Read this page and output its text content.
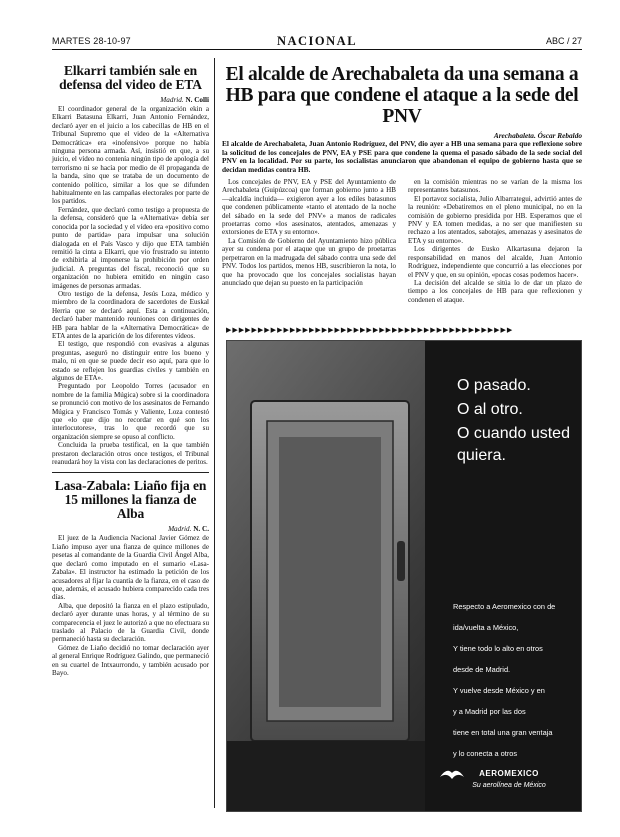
MARTES 28-10-97	NACIONAL	ABC / 27
Elkarri también sale en defensa del video de ETA
Madrid. N. Colli

El coordinador general de la organización ekin a Elkarri Batasuna Elkarri, Juan Antonio Fernández, declaró ayer en el juicio a los cabecillas de HB en el Tribunal Supremo que el video de la «Alternativa Democrática» era «inofensivo» porque no había ninguna persona armada. Así, insistió en que, a su juicio, el vídeo no contenía ningún tipo de apología del terrorismo ni se hacía por medio de él propaganda de la banda, sino que se trataba de un documento de contenido político, similar a los que se difunden habitualmente en las campañas electorales por parte de los partidos.

Fernández, que declaró como testigo a propuesta de la defensa, consideró que la «Alternativa» debía ser conocida por la sociedad y el vídeo era «positivo como punto de partida» para impulsar una solución dialogada en el País Vasco y dijo que ETA también remitió la cinta a Elkarri, que vio frustrado su intento de exhibirla al imponerse la prohibición por orden judicial. A preguntas del fiscal, reconoció que su organización no hubiera emitido en ningún caso imágenes de personas armadas.

Otro testigo de la defensa, Jesús Loza, médico y miembro de la coordinadora de sacerdotes de Euskal Herria que se declaró aquí. Esta a continuación, declaró haber mantenido reuniones con dirigentes de HB para hablar de la «Alternativa Democrática» de ETA antes de la aparición de los diferentes vídeos.

El testigo, que respondió con evasivas a algunas preguntas, aseguró no distinguir entre los bueno y malo, ni en que se puede decir eso aquí, para que lo estado se reflejen los guardias civiles y también en algunos de ETA».

Preguntado por Leopoldo Torres (acusador en nombre de la familia Múgica) sobre si la coordinadora se pronunció con motivo de los asesinatos de Fernando Múgica y Francisco Tomás y Valiente, Loza contestó que «lo que dijo no recordar en qué son los interlocutores», tras lo que recordó que su organización siempre se opuso al conflicto.

Concluida la prueba testifical, en la que también prestaron declaración otros once testigos, el Tribunal reanudará hoy la vista con las declaraciones de peritos.

Lasa-Zabala: Liaño fija en 15 millones la fianza de Alba
Madrid. N. C.

El juez de la Audiencia Nacional Javier Gómez de Liaño impuso ayer una fianza de quince millones de pesetas al comandante de la Guardia Civil Ángel Alba, que declaró como imputado en el sumario «Lasa-Zabala». El instructor ha estimado la petición de los acusadores al fijar la cuantía de la fianza, en el caso de que, además, el acusado hubiera comparecido cada tres días.

Alba, que depositó la fianza en el plazo estipulado, declaró ayer durante unas horas, y al término de su comparecencia el juez le autorizó a que no efectuara su traslado al Palacio de la Guardia Civil, donde permaneció hasta su declaración.

Gómez de Liaño decidió no tomar declaración ayer al general Enrique Rodríguez Galindo, que permaneció en su cuartel de Intxaurrondo, y también acusado por Bayo.

El alcalde de Arechabaleta da una semana a HB para que condene el ataque a la sede del PNV
Arechabaleta. Óscar Rebaldo
El alcalde de Arechabaleta, Juan Antonio Rodríguez, del PNV, dio ayer a HB una semana para que reflexione sobre la solicitud de los concejales de PNV, EA y PSE para que condene la quema el pasado sábado de la sede social del PNV en la localidad. Por su parte, los socialistas anunciaron que abandonan el equipo de gobierno hasta que se decidan medidas contra HB.

Los concejales de PNV, EA y PSE del Ayuntamiento de Arechabaleta (Guipúzcoa) que forman gobierno junto a HB —alcaldía incluida— exigieron ayer a los ediles batasunos que condenen públicamente «tanto el atentado de la noche del sábado en la sede del PNV» a manos de radicales proetarras como «los asesinatos, atentados, amenazas y extorsiones de ETA y su entorno».

La Comisión de Gobierno del Ayuntamiento hizo pública ayer su condena por el ataque que un grupo de proetarras perpetraron en la madrugada del sábado contra una sede del PNV. Todos los partidos, menos HB, suscribieron la nota, lo que ha provocado que los concejales socialistas hayan anunciado que dejan su puesto en la participación

en la comisión mientras no se varían de la misma los representantes batasunos.

El portavoz socialista, Julio Albarrategui, advirtió antes de la reunión: «Debatiremos en el pleno municipal, no en la comisión de gobierno presidida por HB. Esperamos que el PNV y EA tomen medidas, a no ser que manifiesten su rechazo a los atentados, sabotajes, amenazas y asesinatos de ETA y su entorno».

Los dirigentes de Eusko Alkartasuna dejaron la responsabilidad en manos del alcalde, Juan Antonio Rodríguez, independiente que concurrió a las elecciones por el PNV y que, en su opinión, «pocas cosas podemos hacer».

La decisión del alcalde se sitúa lo de dar un plazo de tiempo a los concejales de HB para que reflexionen y condenen el ataque.

▶▶▶▶▶▶▶▶▶▶▶▶▶▶▶▶▶▶▶▶▶▶▶▶▶▶▶▶▶▶▶▶▶▶▶▶▶▶▶▶▶▶▶▶▶
O pasado.
O al otro.
O cuando usted quiera.
Respecto a Aeromexico con de
ida/vuelta a México,
Y tiene todo lo alto en otros
desde de Madrid.
Y vuelve desde México y en
y a Madrid por las dos
tiene en total una gran ventaja
y lo conecta a otros
AEROMEXICO
Su aerolínea de México
